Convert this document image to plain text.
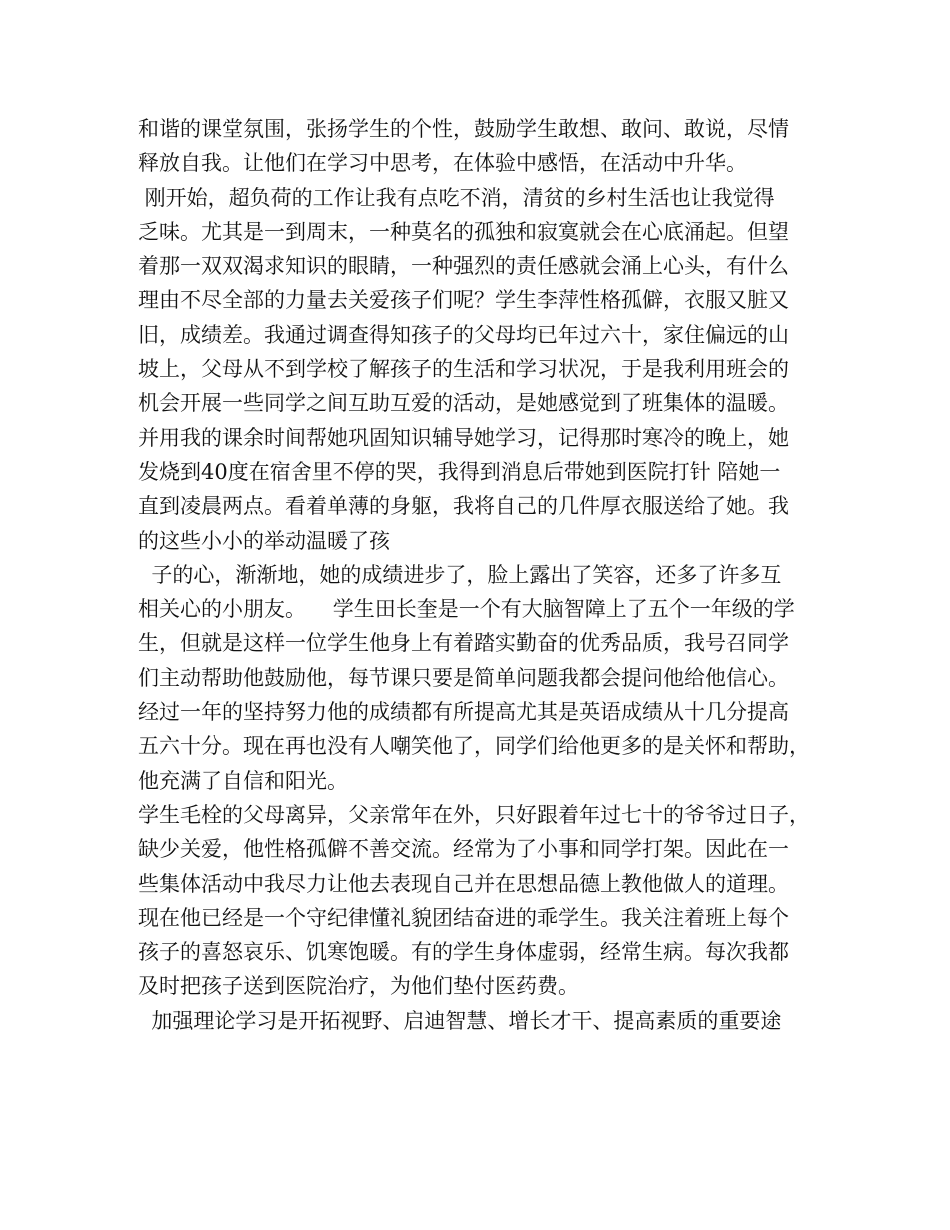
和谐的课堂氛围，张扬学生的个性，鼓励学生敢想、敢问、敢说，尽情
释放自我。让他们在学习中思考，在体验中感悟，在活动中升华。
刚开始，超负荷的工作让我有点吃不消，清贫的乡村生活也让我觉得
乏味。尤其是一到周末，一种莫名的孤独和寂寞就会在心底涌起。但望
着那一双双渴求知识的眼睛，一种强烈的责任感就会涌上心头，有什么
理由不尽全部的力量去关爱孩子们呢？学生李萍性格孤僻，衣服又脏又
旧，成绩差。我通过调查得知孩子的父母均已年过六十，家住偏远的山
坡上，父母从不到学校了解孩子的生活和学习状况，于是我利用班会的
机会开展一些同学之间互助互爱的活动，是她感觉到了班集体的温暖。
并用我的课余时间帮她巩固知识辅导她学习，记得那时寒冷的晚上，她
发烧到40度在宿舍里不停的哭，我得到消息后带她到医院打针 陪她一
直到凌晨两点。看着单薄的身躯，我将自己的几件厚衣服送给了她。我
的这些小小的举动温暖了孩
子的心，渐渐地，她的成绩进步了，脸上露出了笑容，还多了许多互
相关心的小朋友。    学生田长奎是一个有大脑智障上了五个一年级的学
生，但就是这样一位学生他身上有着踏实勤奋的优秀品质，我号召同学
们主动帮助他鼓励他，每节课只要是简单问题我都会提问他给他信心。
经过一年的坚持努力他的成绩都有所提高尤其是英语成绩从十几分提高
五六十分。现在再也没有人嘲笑他了，同学们给他更多的是关怀和帮助，
他充满了自信和阳光。
学生毛栓的父母离异，父亲常年在外，只好跟着年过七十的爷爷过日子，
缺少关爱，他性格孤僻不善交流。经常为了小事和同学打架。因此在一
些集体活动中我尽力让他去表现自己并在思想品德上教他做人的道理。
现在他已经是一个守纪律懂礼貌团结奋进的乖学生。我关注着班上每个
孩子的喜怒哀乐、饥寒饱暖。有的学生身体虚弱，经常生病。每次我都
及时把孩子送到医院治疗，为他们垫付医药费。
加强理论学习是开拓视野、启迪智慧、增长才干、提高素质的重要途
